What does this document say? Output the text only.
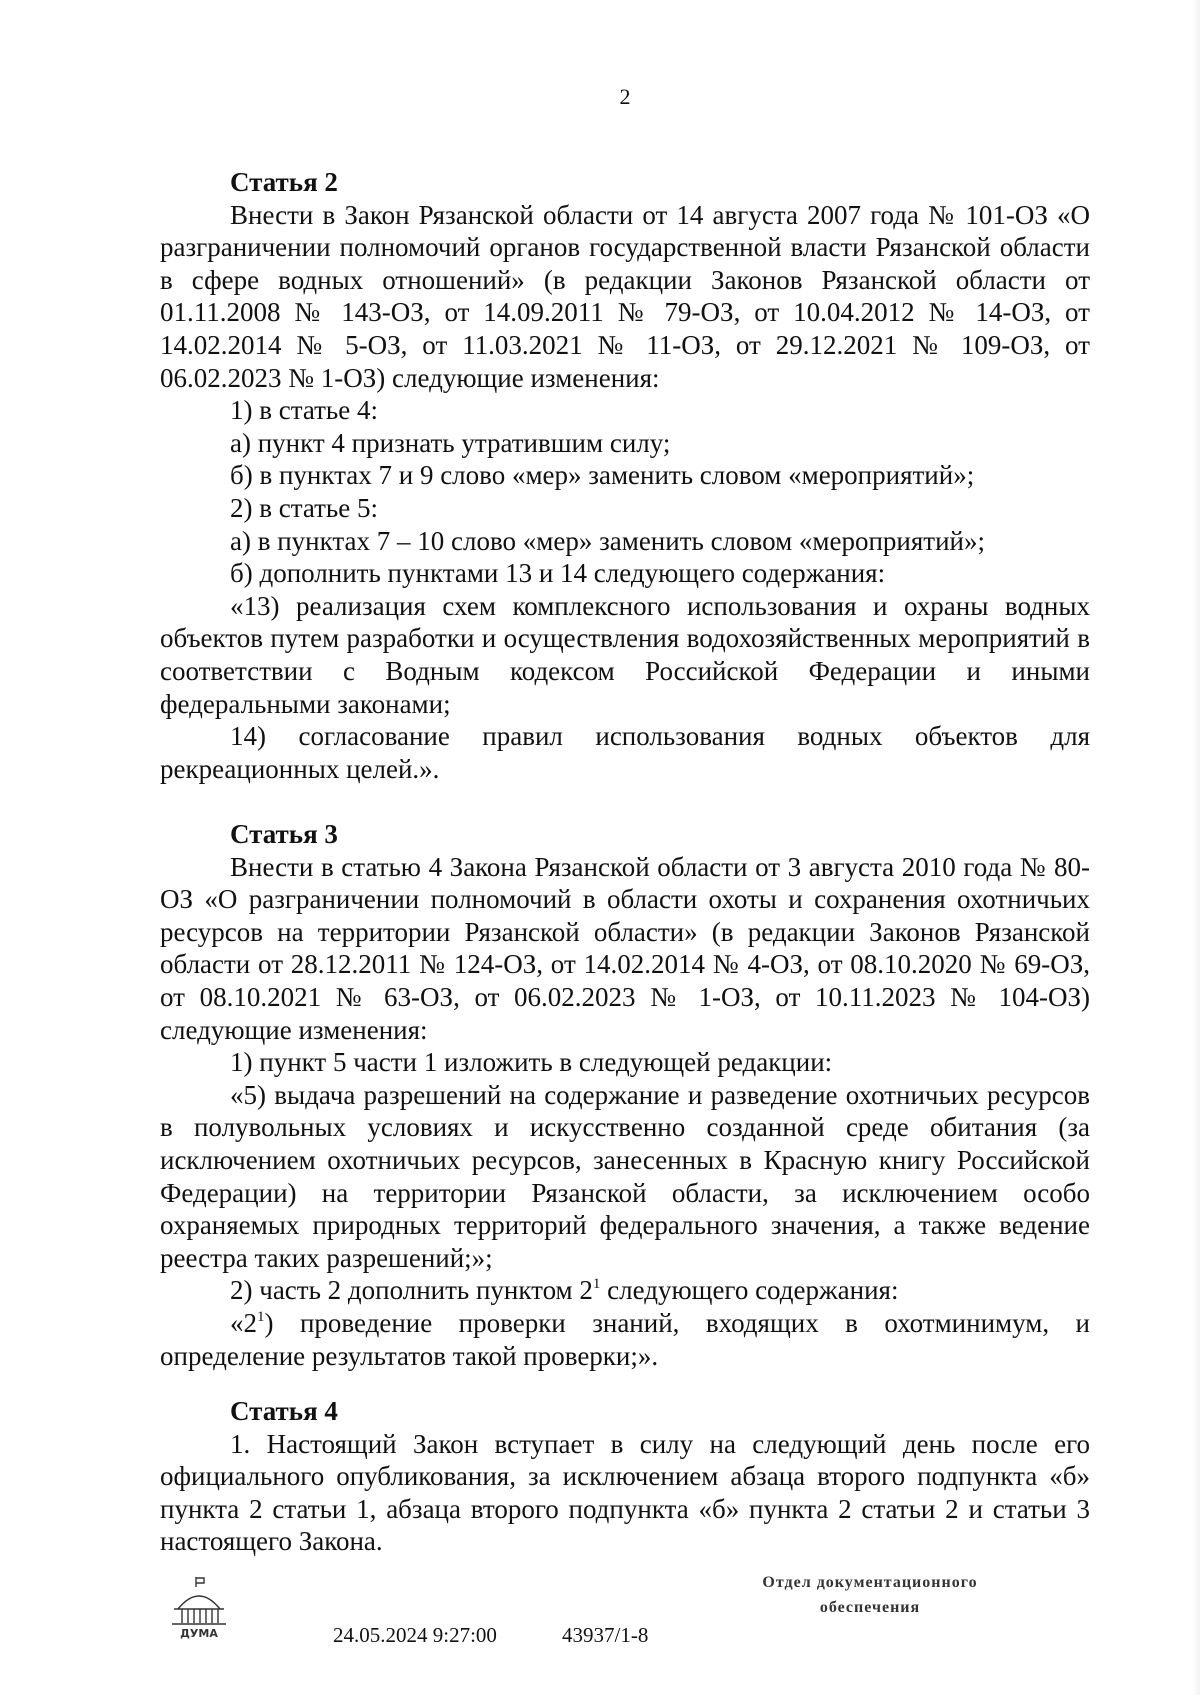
2

Статья 2

Внести в Закон Рязанской области от 14 августа 2007 года № 101-ОЗ «О разграничении полномочий органов государственной власти Рязанской области в сфере водных отношений» (в редакции Законов Рязанской области от 01.11.2008 № 143-ОЗ, от 14.09.2011 № 79-ОЗ, от 10.04.2012 № 14-ОЗ, от 14.02.2014 № 5-ОЗ, от 11.03.2021 № 11-ОЗ, от 29.12.2021 № 109-ОЗ, от 06.02.2023 № 1-ОЗ) следующие изменения:

1) в статье 4:

а) пункт 4 признать утратившим силу;

б) в пунктах 7 и 9 слово «мер» заменить словом «мероприятий»;

2) в статье 5:

а) в пунктах 7 – 10 слово «мер» заменить словом «мероприятий»;

б) дополнить пунктами 13 и 14 следующего содержания:

«13) реализация схем комплексного использования и охраны водных объектов путем разработки и осуществления водохозяйственных мероприятий в соответствии с Водным кодексом Российской Федерации и иными федеральными законами;

14) согласование правил использования водных объектов для рекреационных целей.».

Статья 3

Внести в статью 4 Закона Рязанской области от 3 августа 2010 года № 80-ОЗ «О разграничении полномочий в области охоты и сохранения охотничьих ресурсов на территории Рязанской области» (в редакции Законов Рязанской области от 28.12.2011 № 124-ОЗ, от 14.02.2014 № 4-ОЗ, от 08.10.2020 № 69-ОЗ, от 08.10.2021 № 63-ОЗ, от 06.02.2023 № 1-ОЗ, от 10.11.2023 № 104-ОЗ) следующие изменения:

1) пункт 5 части 1 изложить в следующей редакции:

«5) выдача разрешений на содержание и разведение охотничьих ресурсов в полувольных условиях и искусственно созданной среде обитания (за исключением охотничьих ресурсов, занесенных в Красную книгу Российской Федерации) на территории Рязанской области, за исключением особо охраняемых природных территорий федерального значения, а также ведение реестра таких разрешений;»;

2) часть 2 дополнить пунктом $2^1$ следующего содержания:

«$2^1$) проведение проверки знаний, входящих в охотминимум, и определение результатов такой проверки;».

Статья 4

1. Настоящий Закон вступает в силу на следующий день после его официального опубликования, за исключением абзаца второго подпункта «б» пункта 2 статьи 1, абзаца второго подпункта «б» пункта 2 статьи 2 и статьи 3 настоящего Закона.

ДУМА	24.05.2024 9:27:00	43937/1-8

Отдел документационного
обеспечения
